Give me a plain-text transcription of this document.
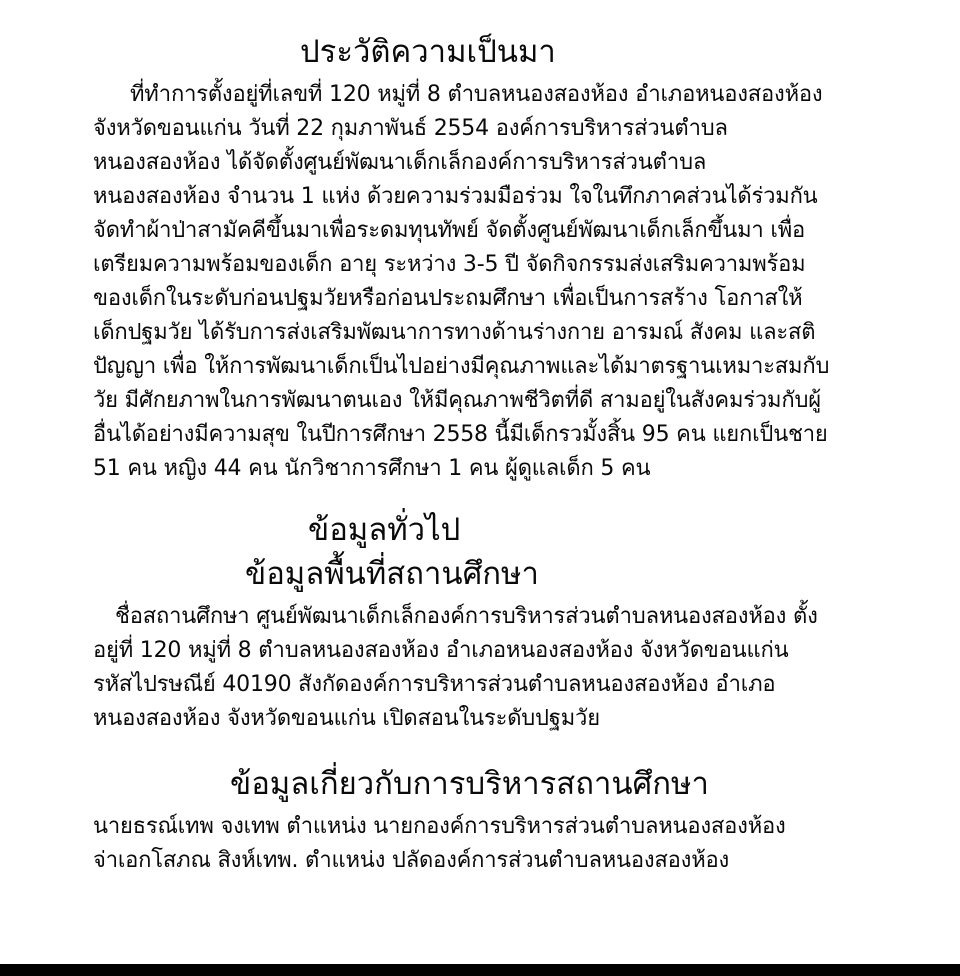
ประวัติความเป็นมา
ที่ทำการตั้งอยู่ที่เลขที่ 120 หมู่ที่ 8 ตำบลหนองสองห้อง อำเภอหนองสองห้อง
จังหวัดขอนแก่น วันที่ 22 กุมภาพันธ์ 2554 องค์การบริหารส่วนตำบล
หนองสองห้อง ได้จัดตั้งศูนย์พัฒนาเด็กเล็กองค์การบริหารส่วนตำบล
หนองสองห้อง จำนวน 1 แห่ง ด้วยความร่วมมือร่วม ใจในทึกภาคส่วนได้ร่วมกัน
จัดทำผ้าป่าสามัคคีขึ้นมาเพื่อระดมทุนทัพย์ จัดตั้งศูนย์พัฒนาเด็กเล็กขึ้นมา เพื่อ
เตรียมความพร้อมของเด็ก อายุ ระหว่าง 3-5 ปี จัดกิจกรรมส่งเสริมความพร้อม
ของเด็กในระดับก่อนปฐมวัยหรือก่อนประถมศึกษา เพื่อเป็นการสร้าง โอกาสให้
เด็กปฐมวัย ได้รับการส่งเสริมพัฒนาการทางด้านร่างกาย อารมณ์ สังคม และสติ
ปัญญา เพื่อ ให้การพัฒนาเด็กเป็นไปอย่างมีคุณภาพและได้มาตรฐานเหมาะสมกับ
วัย มีศักยภาพในการพัฒนาตนเอง ให้มีคุณภาพชีวิตที่ดี สามอยู่ในสังคมร่วมกับผู้
อื่นได้อย่างมีความสุข ในปีการศึกษา 2558 นี้มีเด็กรวมั้งสิ้น 95 คน แยกเป็นชาย
51 คน หญิง 44 คน นักวิชาการศึกษา 1 คน ผู้ดูแลเด็ก 5 คน
ข้อมูลทั่วไป
ข้อมูลพื้นที่สถานศึกษา
ชื่อสถานศึกษา ศูนย์พัฒนาเด็กเล็กองค์การบริหารส่วนตำบลหนองสองห้อง ตั้ง
อยู่ที่ 120 หมู่ที่ 8 ตำบลหนองสองห้อง อำเภอหนองสองห้อง จังหวัดขอนแก่น
รหัสไปรษณีย์ 40190 สังกัดองค์การบริหารส่วนตำบลหนองสองห้อง อำเภอ
หนองสองห้อง จังหวัดขอนแก่น เปิดสอนในระดับปฐมวัย
ข้อมูลเกี่ยวกับการบริหารสถานศึกษา
นายธรณ์เทพ จงเทพ ตำแหน่ง นายกองค์การบริหารส่วนตำบลหนองสองห้อง
จ่าเอกโสภณ สิงห์เทพ. ตำแหน่ง ปลัดองค์การส่วนตำบลหนองสองห้อง
